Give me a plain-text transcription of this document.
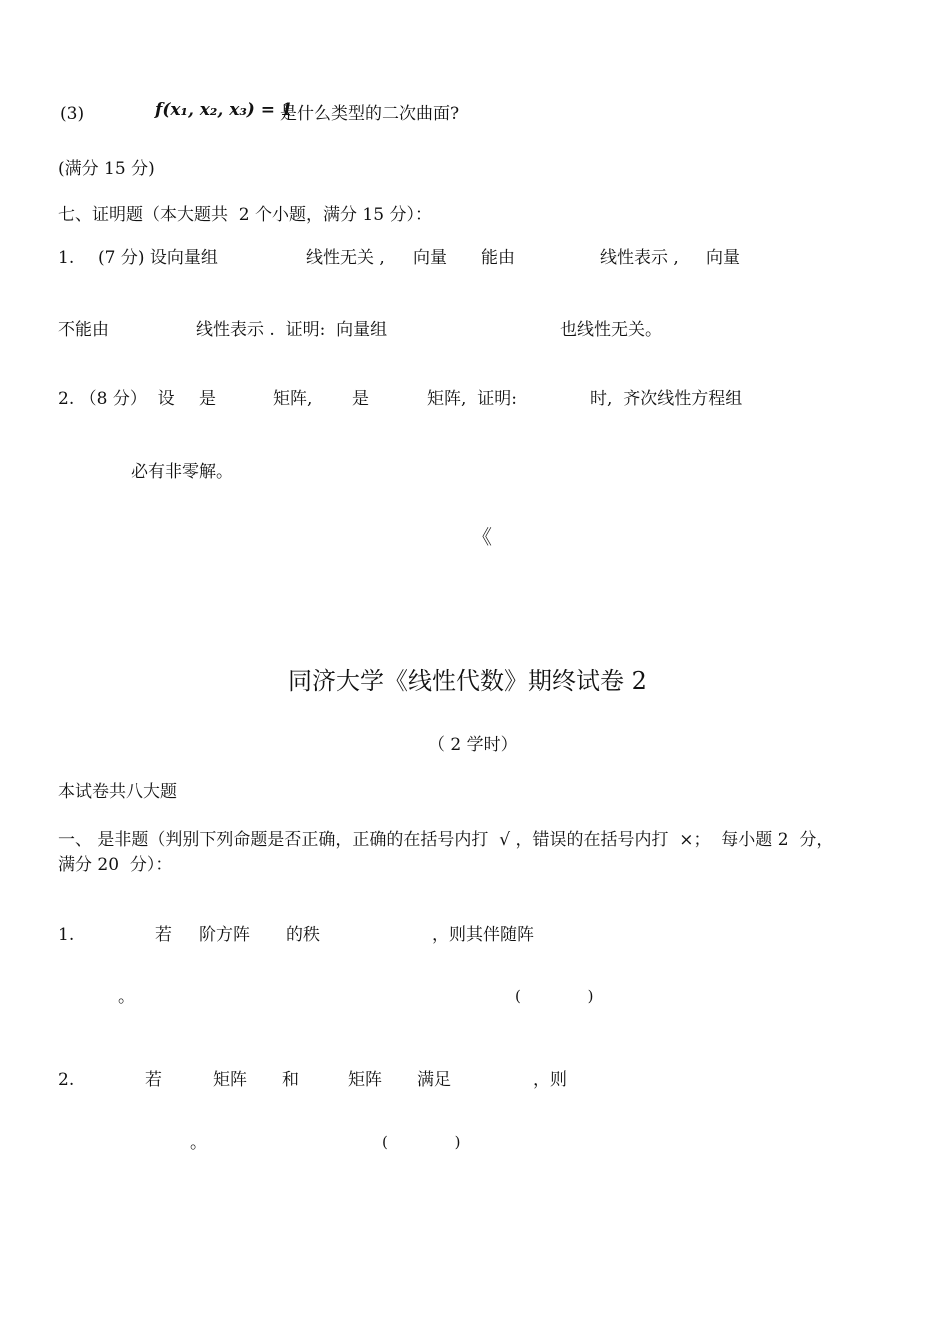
(3)	f(x₁, x₂, x₃) = 1
是什么类型的二次曲面?
(满分 15 分)
七、证明题（本大题共  2 个小题，满分 15 分）：
1. (7 分) 设向量组	线性无关 , 向量 能由	线性表示 , 向量
不能由	线性表示 .  证明:  向量组	也线性无关。
2. （8 分）  设 是	矩阵, 是	矩阵,  证明:	时,  齐次线性方程组
必有非零解。
《
同济大学《线性代数》期终试卷 2
（ 2 学时）
本试卷共八大题
一、 是非题（判别下列命题是否正确，正确的在括号内打  √ ，错误的在括号内打  ×；  每小题 2  分，
满分 20  分）：
1.	若 阶方阵 的秩	，则其伴随阵
。	(              )
2.	若	矩阵 和	矩阵 满足	，则
。	(              )
